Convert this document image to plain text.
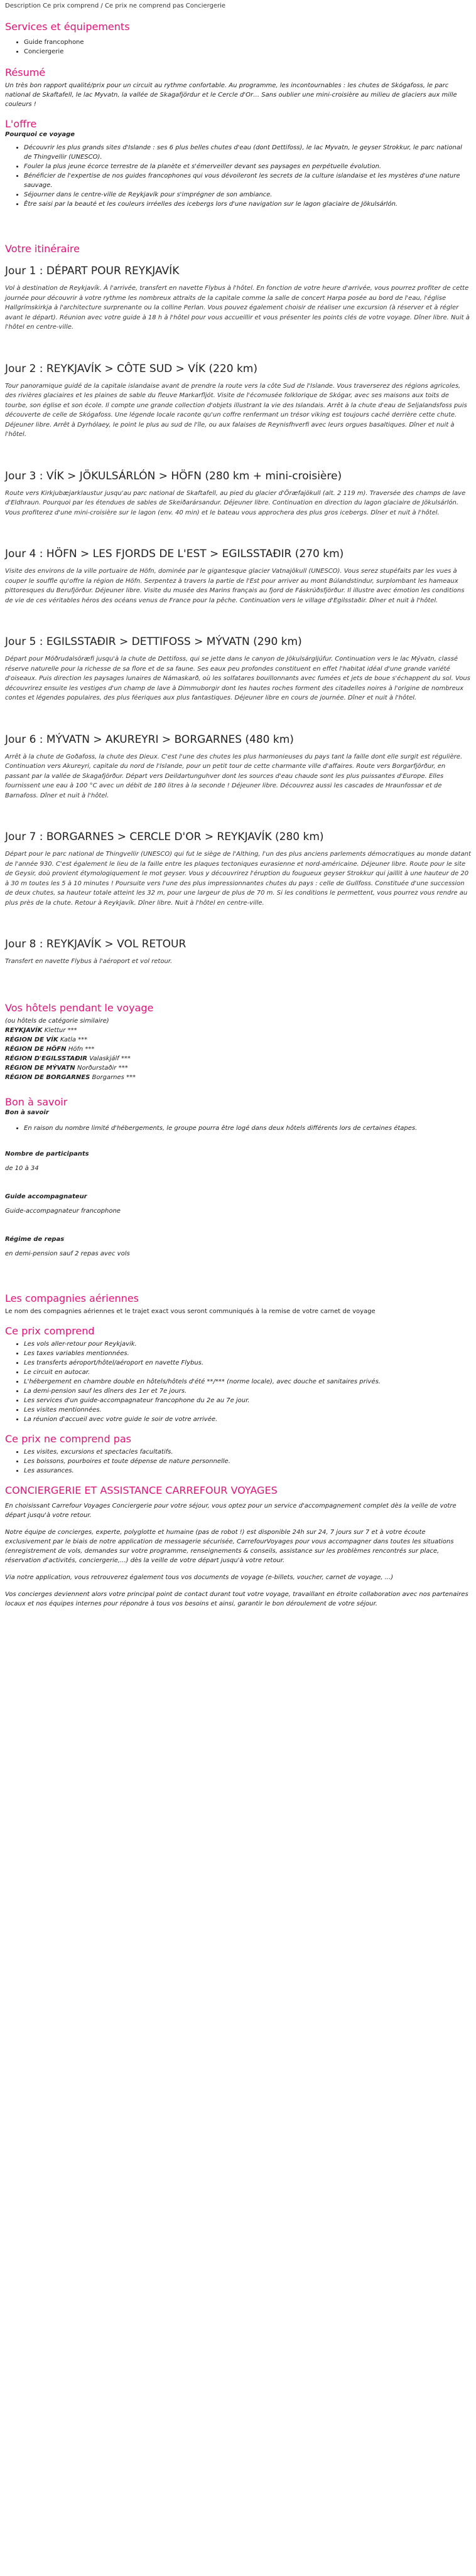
Description Ce prix comprend / Ce prix ne comprend pas Conciergerie

Services et équipements
• Guide francophone
• Conciergerie
Résumé

Un très bon rapport qualité/prix pour un circuit au rythme confortable. Au programme, les incontournables : les chutes de Skógafoss, le parc national de Skaftafell, le lac Myvatn, la vallée de Skagafjördur et le Cercle d'Or… Sans oublier une mini-croisière au milieu de glaciers aux mille couleurs !

L'offre

Pourquoi ce voyage

• Découvrir les plus grands sites d'Islande : ses 6 plus belles chutes d'eau (dont Dettifoss), le lac Myvatn, le geyser Strokkur, le parc national de Thingvellir (UNESCO).
• Fouler la plus jeune écorce terrestre de la planète et s'émerveiller devant ses paysages en perpétuelle évolution.
• Bénéficier de l'expertise de nos guides francophones qui vous dévoileront les secrets de la culture islandaise et les mystères d'une nature sauvage.
• Séjourner dans le centre-ville de Reykjavík pour s'imprégner de son ambiance.
• Être saisi par la beauté et les couleurs irréelles des icebergs lors d'une navigation sur le lagon glaciaire de Jökulsárlón.
Votre itinéraire
Jour 1 : DÉPART POUR REYKJAVÍK

Vol à destination de Reykjavík. À l'arrivée, transfert en navette Flybus à l'hôtel. En fonction de votre heure d'arrivée, vous pourrez profiter de cette journée pour découvrir à votre rythme les nombreux attraits de la capitale comme la salle de concert Harpa posée au bord de l'eau, l'église Hallgrímskirkja à l'architecture surprenante ou la colline Perlan. Vous pouvez également choisir de réaliser une excursion (à réserver et à régler avant le départ). Réunion avec votre guide à 18 h à l'hôtel pour vous accueillir et vous présenter les points clés de votre voyage. Dîner libre. Nuit à l'hôtel en centre-ville.

Jour 2 : REYKJAVÍK > CÔTE SUD > VÍK (220 km)

Tour panoramique guidé de la capitale islandaise avant de prendre la route vers la côte Sud de l'Islande. Vous traverserez des régions agricoles, des rivières glaciaires et les plaines de sable du fleuve Markarfljót. Visite de l'écomusée folklorique de Skógar, avec ses maisons aux toits de tourbe, son église et son école. Il compte une grande collection d'objets illustrant la vie des Islandais. Arrêt à la chute d'eau de Seljalandsfoss puis découverte de celle de Skógafoss. Une légende locale raconte qu'un coffre renfermant un trésor viking est toujours caché derrière cette chute. Déjeuner libre. Arrêt à Dyrhólaey, le point le plus au sud de l'île, ou aux falaises de Reynisfhverfi avec leurs orgues basaltiques. Dîner et nuit à l'hôtel.

Jour 3 : VÍK > JÖKULSÁRLÓN > HÖFN (280 km + mini-croisière)

Route vers Kirkjubæjarklaustur jusqu'au parc national de Skaftafell, au pied du glacier d'Öræfajökull (alt. 2 119 m). Traversée des champs de lave d'Eldhraun. Pourquoi par les étendues de sables de Skeiðarársandur. Déjeuner libre. Continuation en direction du lagon glaciaire de Jökulsárlón. Vous profiterez d'une mini-croisière sur le lagon (env. 40 min) et le bateau vous approchera des plus gros icebergs. Dîner et nuit à l'hôtel.

Jour 4 : HÖFN > LES FJORDS DE L'EST > EGILSSTAÐIR (270 km)

Visite des environs de la ville portuaire de Höfn, dominée par le gigantesque glacier Vatnajökull (UNESCO). Vous serez stupéfaits par les vues à couper le souffle qu'offre la région de Höfn. Serpentez à travers la partie de l'Est pour arriver au mont Búlandstindur, surplombant les hameaux pittoresques du Berufjörður. Déjeuner libre. Visite du musée des Marins français au fjord de Fáskrúðsfjörður. Il illustre avec émotion les conditions de vie de ces véritables héros des océans venus de France pour la pêche. Continuation vers le village d'Egilsstaðir. Dîner et nuit à l'hôtel.

Jour 5 : EGILSSTAÐIR > DETTIFOSS > MÝVATN (290 km)

Départ pour Möðrudalsöræfi jusqu'à la chute de Dettifoss, qui se jette dans le canyon de Jökulsárgljúfur. Continuation vers le lac Mývatn, classé réserve naturelle pour la richesse de sa flore et de sa faune. Ses eaux peu profondes constituent en effet l'habitat idéal d'une grande variété d'oiseaux. Puis direction les paysages lunaires de Námaskarð, où les solfatares bouillonnants avec fumées et jets de boue s'échappent du sol. Vous découvrirez ensuite les vestiges d'un champ de lave à Dimmuborgir dont les hautes roches forment des citadelles noires à l'origine de nombreux contes et légendes populaires, des plus féeriques aux plus fantastiques. Déjeuner libre en cours de journée. Dîner et nuit à l'hôtel.

Jour 6 : MÝVATN > AKUREYRI > BORGARNES (480 km)

Arrêt à la chute de Goðafoss, la chute des Dieux. C'est l'une des chutes les plus harmonieuses du pays tant la faille dont elle surgit est régulière. Continuation vers Akureyri, capitale du nord de l'Islande, pour un petit tour de cette charmante ville d'affaires. Route vers Borgarfjörður, en passant par la vallée de Skagafjörður. Départ vers Deildartunguhver dont les sources d'eau chaude sont les plus puissantes d'Europe. Elles fournissent une eau à 100 °C avec un débit de 180 litres à la seconde ! Déjeuner libre. Découvrez aussi les cascades de Hraunfossar et de Barnafoss. Dîner et nuit à l'hôtel.

Jour 7 : BORGARNES > CERCLE D'OR > REYKJAVÍK (280 km)

Départ pour le parc national de Thingvellir (UNESCO) qui fut le siège de l'Althing, l'un des plus anciens parlements démocratiques au monde datant de l'année 930. C'est également le lieu de la faille entre les plaques tectoniques eurasienne et nord-américaine. Déjeuner libre. Route pour le site de Geysir, doù provient étymologiquement le mot geyser. Vous y découvrirez l'éruption du fougueux geyser Strokkur qui jaillit à une hauteur de 20 à 30 m toutes les 5 à 10 minutes ! Poursuite vers l'une des plus impressionnantes chutes du pays : celle de Gullfoss. Constituée d'une succession de deux chutes, sa hauteur totale atteint les 32 m, pour une largeur de plus de 70 m. Si les conditions le permettent, vous pourrez vous rendre au plus près de la chute. Retour à Reykjavík. Dîner libre. Nuit à l'hôtel en centre-ville.

Jour 8 : REYKJAVÍK > VOL RETOUR

Transfert en navette Flybus à l'aéroport et vol retour.

Vos hôtels pendant le voyage

(ou hôtels de catégorie similaire)

REYKJAVÍK Klettur ***
RÉGION DE VÍK Katla ***
RÉGION DE HÖFN Höfn ***
RÉGION D'EGILSSTAÐIR Valaskjálf ***
RÉGION DE MÝVATN Norðurstaðir ***
RÉGION DE BORGARNES Borgarnes ***
Bon à savoir

Bon à savoir

• En raison du nombre limité d'hébergements, le groupe pourra être logé dans deux hôtels différents lors de certaines étapes.

Nombre de participants

de 10 à 34

Guide accompagnateur

Guide-accompagnateur francophone

Régime de repas

en demi-pension sauf 2 repas avec vols

Les compagnies aériennes

Le nom des compagnies aériennes et le trajet exact vous seront communiqués à la remise de votre carnet de voyage

Ce prix comprend
• Les vols aller-retour pour Reykjavik.
• Les taxes variables mentionnées.
• Les transferts aéroport/hôtel/aéroport en navette Flybus.
• Le circuit en autocar.
• L'hébergement en chambre double en hôtels/hôtels d'été **/*** (norme locale), avec douche et sanitaires privés.
• La demi-pension sauf les dîners des 1er et 7e jours.
• Les services d'un guide-accompagnateur francophone du 2e au 7e jour.
• Les visites mentionnées.
• La réunion d'accueil avec votre guide le soir de votre arrivée.
Ce prix ne comprend pas
• Les visites, excursions et spectacles facultatifs.
• Les boissons, pourboires et toute dépense de nature personnelle.
• Les assurances.
CONCIERGERIE ET ASSISTANCE CARREFOUR VOYAGES

En choisissant Carrefour Voyages Conciergerie pour votre séjour, vous optez pour un service d'accompagnement complet dès la veille de votre départ jusqu'à votre retour.

Notre équipe de concierges, experte, polyglotte et humaine (pas de robot !) est disponible 24h sur 24, 7 jours sur 7 et à votre écoute exclusivement par le biais de notre application de messagerie sécurisée, CarrefourVoyages pour vous accompagner dans toutes les situations (enregistrement de vols, demandes sur votre programme, renseignements & conseils, assistance sur les problèmes rencontrés sur place, réservation d'activités, conciergerie,...) dès la veille de votre départ jusqu'à votre retour.

Via notre application, vous retrouverez également tous vos documents de voyage (e-billets, voucher, carnet de voyage, ...)

Vos concierges deviennent alors votre principal point de contact durant tout votre voyage, travaillant en étroite collaboration avec nos partenaires locaux et nos équipes internes pour répondre à tous vos besoins et ainsi, garantir le bon déroulement de votre séjour.
